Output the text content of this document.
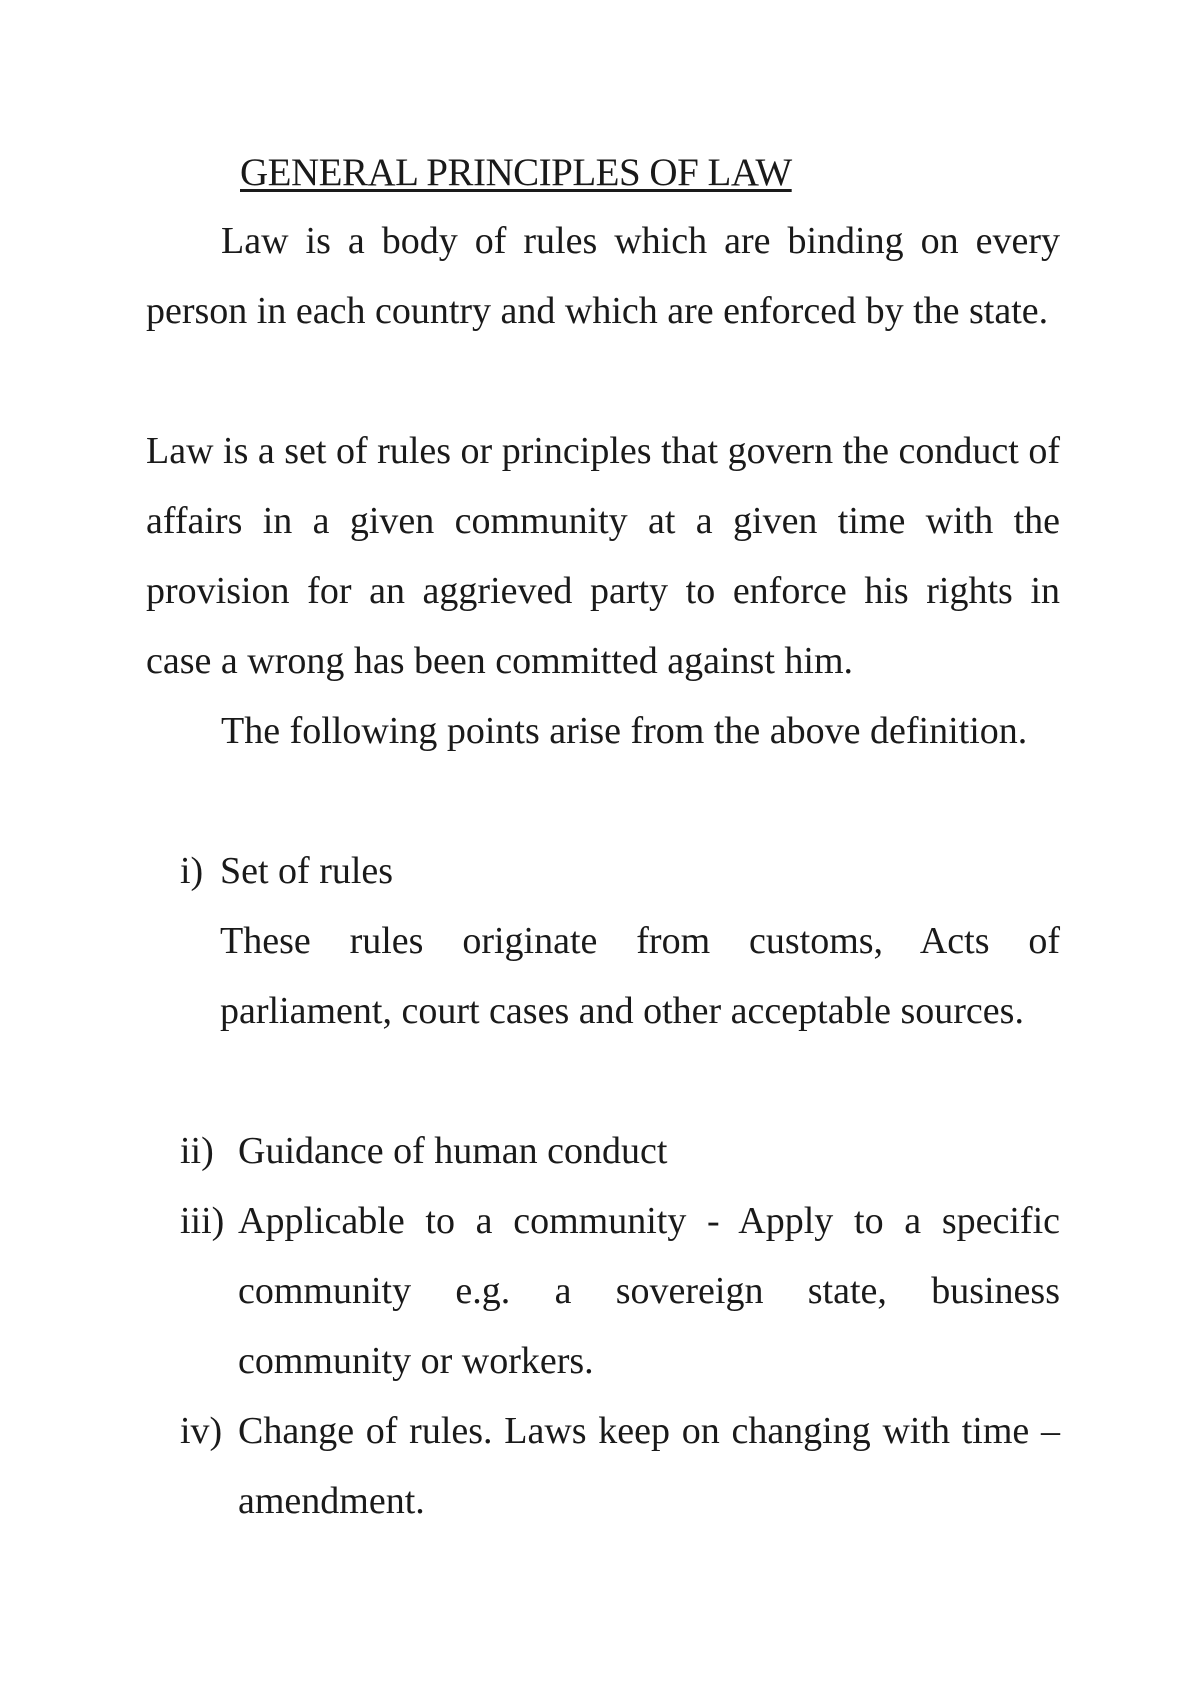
GENERAL PRINCIPLES OF LAW

Law is a body of rules which are binding on every person in each country and which are enforced by the state.

Law is a set of rules or principles that govern the conduct of affairs in a given community at a given time with the provision for an aggrieved party to enforce his rights in case a wrong has been committed against him.

The following points arise from the above definition.

i) Set of rules

These rules originate from customs, Acts of parliament, court cases and other acceptable sources.

ii) Guidance of human conduct
iii) Applicable to a community - Apply to a specific community e.g. a sovereign state, business community or workers.
iv) Change of rules. Laws keep on changing with time –amendment.
